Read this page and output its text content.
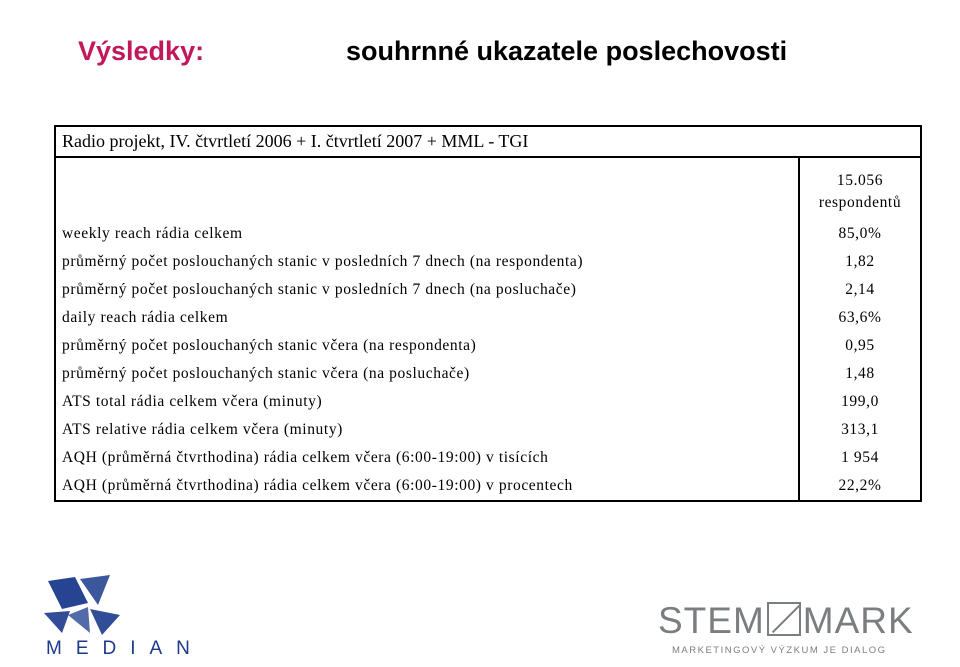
Výsledky:	souhrnné ukazatele poslechovosti
Radio projekt, IV. čtvrtletí 2006 + I. čtvrtletí 2007 + MML - TGI	

	15.056
respondentů

weekly reach rádia celkem	85,0%
průměrný počet poslouchaných stanic v posledních 7 dnech (na respondenta)	1,82
průměrný počet poslouchaných stanic v posledních 7 dnech (na posluchače)	2,14
daily reach rádia celkem	63,6%
průměrný počet poslouchaných stanic včera (na respondenta)	0,95
průměrný počet poslouchaných stanic včera (na posluchače)	1,48
ATS total rádia celkem včera (minuty)	199,0
ATS relative rádia celkem včera (minuty)	313,1
AQH (průměrná čtvrthodina) rádia celkem včera (6:00-19:00) v tisících	1 954
AQH (průměrná čtvrthodina) rádia celkem včera (6:00-19:00) v procentech	22,2%
MEDIAN
STEM MARK
MARKETINGOVÝ VÝZKUM JE DIALOG
